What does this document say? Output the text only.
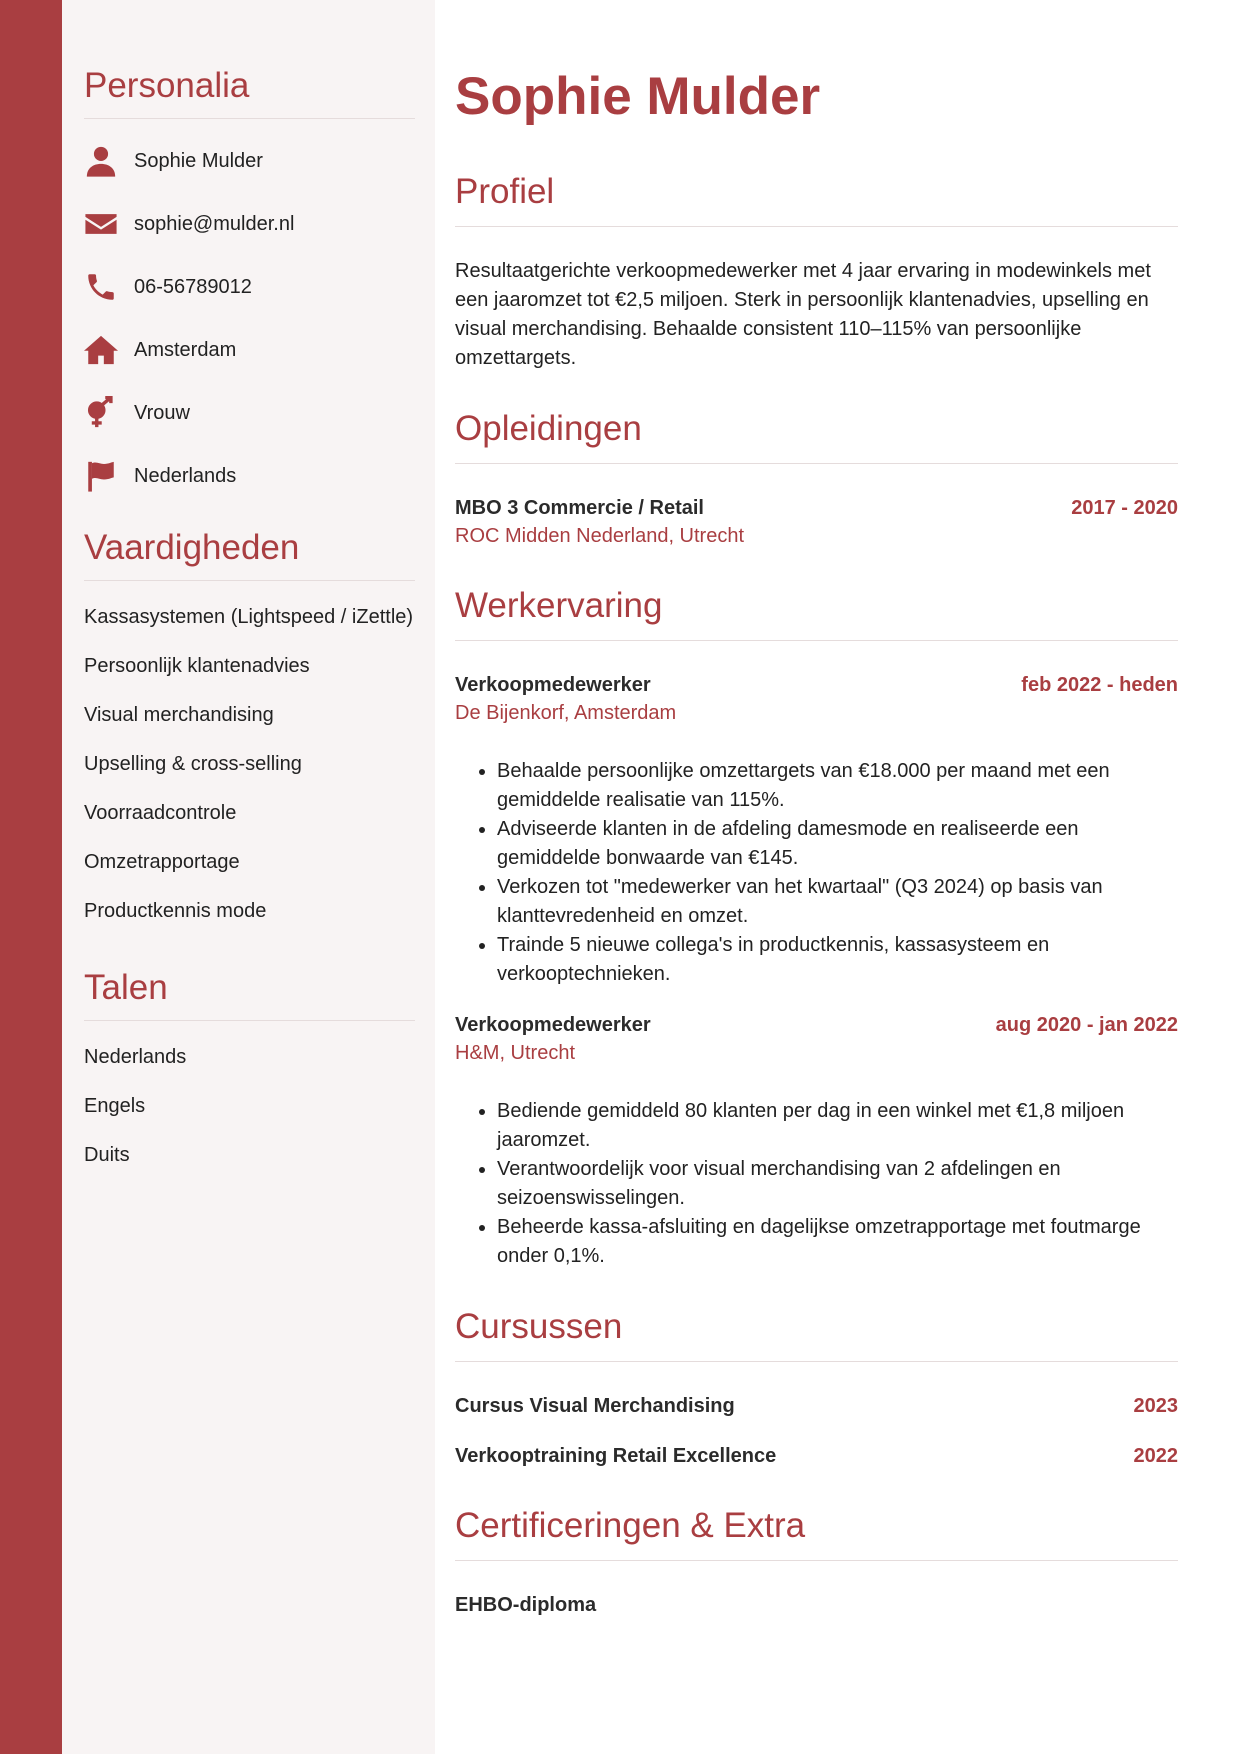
Personalia
Sophie Mulder
sophie@mulder.nl
06-56789012
Amsterdam
Vrouw
Nederlands
Vaardigheden
Kassasystemen (Lightspeed / iZettle)
Persoonlijk klantenadvies
Visual merchandising
Upselling & cross-selling
Voorraadcontrole
Omzetrapportage
Productkennis mode
Talen
Nederlands
Engels
Duits
Sophie Mulder
Profiel

Resultaatgerichte verkoopmedewerker met 4 jaar ervaring in modewinkels met een jaaromzet tot €2,5 miljoen. Sterk in persoonlijk klantenadvies, upselling en visual merchandising. Behaalde consistent 110–115% van persoonlijke omzettargets.

Opleidingen
MBO 3 Commercie / Retail	2017 - 2020
ROC Midden Nederland, Utrecht
Werkervaring
Verkoopmedewerker	feb 2022 - heden
De Bijenkorf, Amsterdam
• Behaalde persoonlijke omzettargets van €18.000 per maand met een gemiddelde realisatie van 115%.
• Adviseerde klanten in de afdeling damesmode en realiseerde een gemiddelde bonwaarde van €145.
• Verkozen tot "medewerker van het kwartaal" (Q3 2024) op basis van klanttevredenheid en omzet.
• Trainde 5 nieuwe collega's in productkennis, kassasysteem en verkooptechnieken.
Verkoopmedewerker	aug 2020 - jan 2022
H&M, Utrecht
• Bediende gemiddeld 80 klanten per dag in een winkel met €1,8 miljoen jaaromzet.
• Verantwoordelijk voor visual merchandising van 2 afdelingen en seizoenswisselingen.
• Beheerde kassa-afsluiting en dagelijkse omzetrapportage met foutmarge onder 0,1%.
Cursussen
Cursus Visual Merchandising	2023
Verkooptraining Retail Excellence	2022
Certificeringen & Extra
EHBO-diploma
